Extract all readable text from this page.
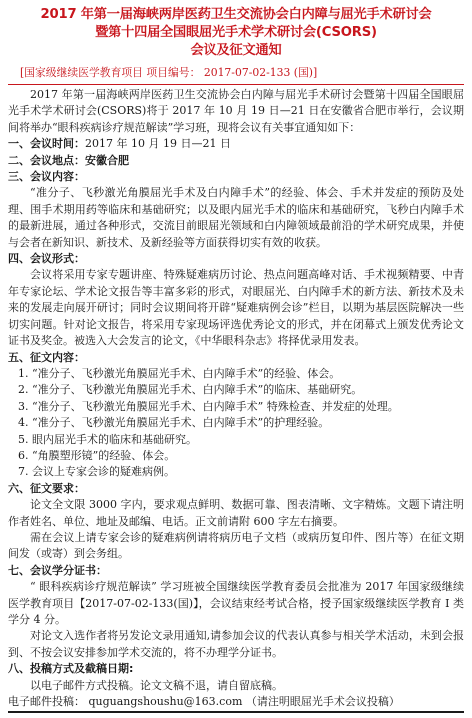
2017 年第一届海峡两岸医药卫生交流协会白内障与屈光手术研讨会
暨第十四届全国眼屈光手术学术研讨会(CSORS)
会议及征文通知
[国家级继续医学教育项目 项目编号： 2017-07-02-133 (国)]
2017 年第一届海峡两岸医药卫生交流协会白内障与屈光手术研讨会暨第十四届全国眼屈光手术学术研讨会(CSORS)将于 2017 年 10 月 19 日—21 日在安徽省合肥市举行，会议期间将举办“眼科疾病诊疗规范解读”学习班，现将会议有关事宜通知如下：
一、会议时间：2017 年 10 月 19 日—21 日
二、会议地点：安徽合肥
三、会议内容：
“准分子、飞秒激光角膜屈光手术及白内障手术”的经验、体会、手术并发症的预防及处理、围手术期用药等临床和基础研究；以及眼内屈光手术的临床和基础研究，飞秒白内障手术的最新进展，通过各种形式，交流目前眼屈光领域和白内障领域最前沿的学术研究成果，并使与会者在新知识、新技术、及新经验等方面获得切实有效的收获。
四、会议形式：
会议将采用专家专题讲座、特殊疑难病历讨论、热点问题高峰对话、手术视频精要、中青年专家论坛、学术论文报告等丰富多彩的形式，对眼屈光、白内障手术的新方法、新技术及未来的发展走向展开研讨；同时会议期间将开辟“疑难病例会诊”栏目，以期为基层医院解决一些切实问题。针对论文报告，将采用专家现场评选优秀论文的形式，并在闭幕式上颁发优秀论文证书及奖金。被选入大会发言的论文，《中华眼科杂志》将择优录用发表。
五、征文内容：
1. “准分子、飞秒激光角膜屈光手术、白内障手术”的经验、体会。
2. “准分子、飞秒激光角膜屈光手术、白内障手术”的临床、基础研究。
3. “准分子、飞秒激光角膜屈光手术、白内障手术” 特殊检查、并发症的处理。
4. “准分子、飞秒激光角膜屈光手术、白内障手术”的护理经验。
5. 眼内屈光手术的临床和基础研究。
6. “角膜塑形镜”的经验、体会。
7. 会议上专家会诊的疑难病例。
六、征文要求：
论文全文限 3000 字内，要求观点鲜明、数据可靠、图表清晰、文字精炼。文题下请注明作者姓名、单位、地址及邮编、电话。正文前请附 600 字左右摘要。
需在会议上请专家会诊的疑难病例请将病历电子文档（或病历复印件、图片等）在征文期间发（或寄）到会务组。
七、会议学分证书：
“ 眼科疾病诊疗规范解读” 学习班被全国继续医学教育委员会批准为 2017 年国家级继续医学教育项目【2017-07-02-133(国)】，会议结束经考试合格，授予国家级继续医学教育 I 类学分 4 分。
对论文入选作者将另发论文录用通知,请参加会议的代表认真参与相关学术活动，未到会报到、不按会议安排参加学术交流的，将不办理学分证书。
八、投稿方式及截稿日期:
以电子邮件方式投稿。论文文稿不退，请自留底稿。
电子邮件投稿： quguangshoushu@163.com （请注明眼屈光手术会议投稿）
